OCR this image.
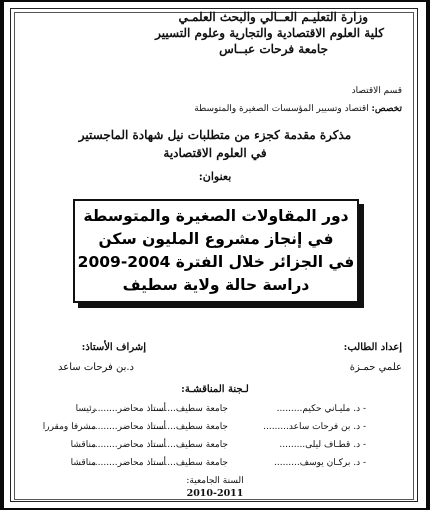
وزارة التعليـم العــالي والبحث العلمـي
كلية العلوم الاقتصادية والتجارية وعلوم التسيير
جامعة فرحات عبــاس
قسم الاقتصاد
تخصص: اقتصاد وتسيير المؤسسات الصغيرة والمتوسطة
مذكرة مقدمة كجزء من متطلبات نيل شهادة الماجستير
في العلوم الاقتصادية
بعنوان:
دور المقاولات الصغيرة والمتوسطة
في إنجاز مشروع المليون سكن
في الجزائر خلال الفترة 2004-2009
دراسة حالة ولاية سطيف
إعداد الطالب:
علمي حمـزة
إشراف الأستاذ:
د.بن فرحات ساعد
لـجنة المناقشـة:
- د. مليـاني حكيم.........
جامعة سطيف.........
أستاذ محاضر.........
رئيسا
- د. بن فرحات ساعد.........
جامعة سطيف.........
أستاذ محاضر.........
مشرفا ومقررا
- د. قطـاف ليلى.........
جامعة سطيف.........
أستاذ محاضر.........
مناقشا
- د. بركـان يوسف.........
جامعة سطيف.........
أستاذ محاضر.........
مناقشا
السنة الجامعية:
2010-2011
